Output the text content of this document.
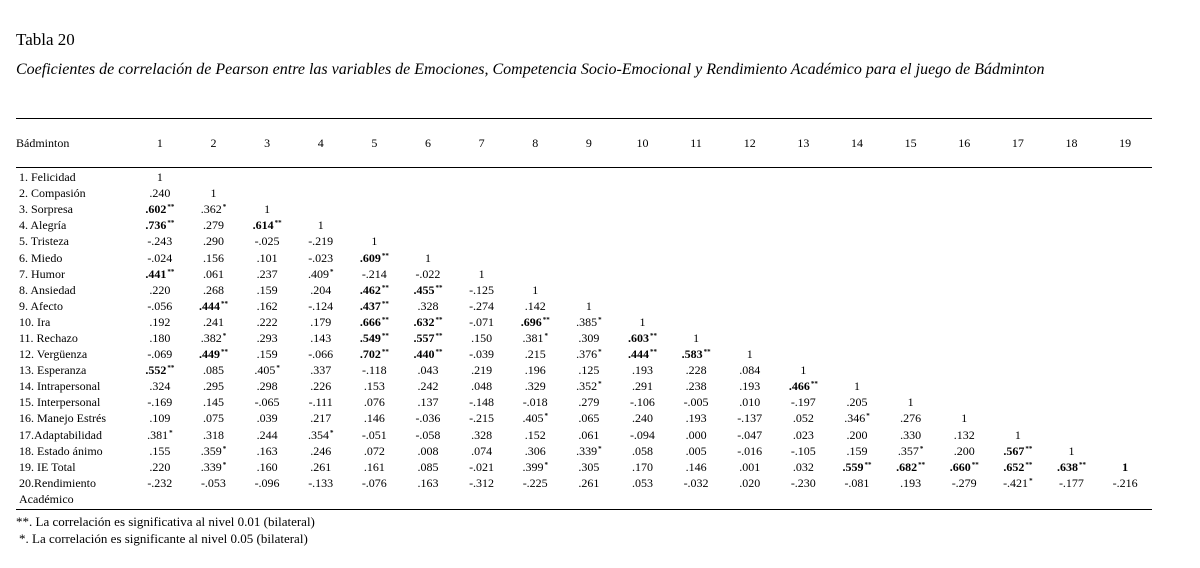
Tabla 20
Coeficientes de correlación de Pearson entre las variables de Emociones, Competencia Socio-Emocional y Rendimiento Académico para el juego de Bádminton
Bádminton	1	2	3	4	5	6	7	8	9	10	11	12	13	14	15	16	17	18	19

1. Felicidad	1																		
2. Compasión	.240	1																	
3. Sorpresa	.602**	.362*	1																
4. Alegría	.736**	.279	.614**	1															
5. Tristeza	-.243	.290	-.025	-.219	1														
6. Miedo	-.024	.156	.101	-.023	.609**	1													
7. Humor	.441**	.061	.237	.409*	-.214	-.022	1												
8. Ansiedad	.220	.268	.159	.204	.462**	.455**	-.125	1											
9. Afecto	-.056	.444**	.162	-.124	.437**	.328	-.274	.142	1										
10. Ira	.192	.241	.222	.179	.666**	.632**	-.071	.696**	.385*	1									
11. Rechazo	.180	.382*	.293	.143	.549**	.557**	.150	.381*	.309	.603**	1								
12. Vergüenza	-.069	.449**	.159	-.066	.702**	.440**	-.039	.215	.376*	.444**	.583**	1							
13. Esperanza	.552**	.085	.405*	.337	-.118	.043	.219	.196	.125	.193	.228	.084	1						
14. Intrapersonal	.324	.295	.298	.226	.153	.242	.048	.329	.352*	.291	.238	.193	.466**	1					
15. Interpersonal	-.169	.145	-.065	-.111	.076	.137	-.148	-.018	.279	-.106	-.005	.010	-.197	.205	1				
16. Manejo Estrés	.109	.075	.039	.217	.146	-.036	-.215	.405*	.065	.240	.193	-.137	.052	.346*	.276	1			
17.Adaptabilidad	.381*	.318	.244	.354*	-.051	-.058	.328	.152	.061	-.094	.000	-.047	.023	.200	.330	.132	1		
18. Estado ánimo	.155	.359*	.163	.246	.072	.008	.074	.306	.339*	.058	.005	-.016	-.105	.159	.357*	.200	.567**	1	
19. IE Total	.220	.339*	.160	.261	.161	.085	-.021	.399*	.305	.170	.146	.001	.032	.559**	.682**	.660**	.652**	.638**	1
20.Rendimiento
Académico	-.232	-.053	-.096	-.133	-.076	.163	-.312	-.225	.261	.053	-.032	.020	-.230	-.081	.193	-.279	-.421*	-.177	-.216
**. La correlación es significativa al nivel 0.01 (bilateral)
*. La correlación es significante al nivel 0.05 (bilateral)
